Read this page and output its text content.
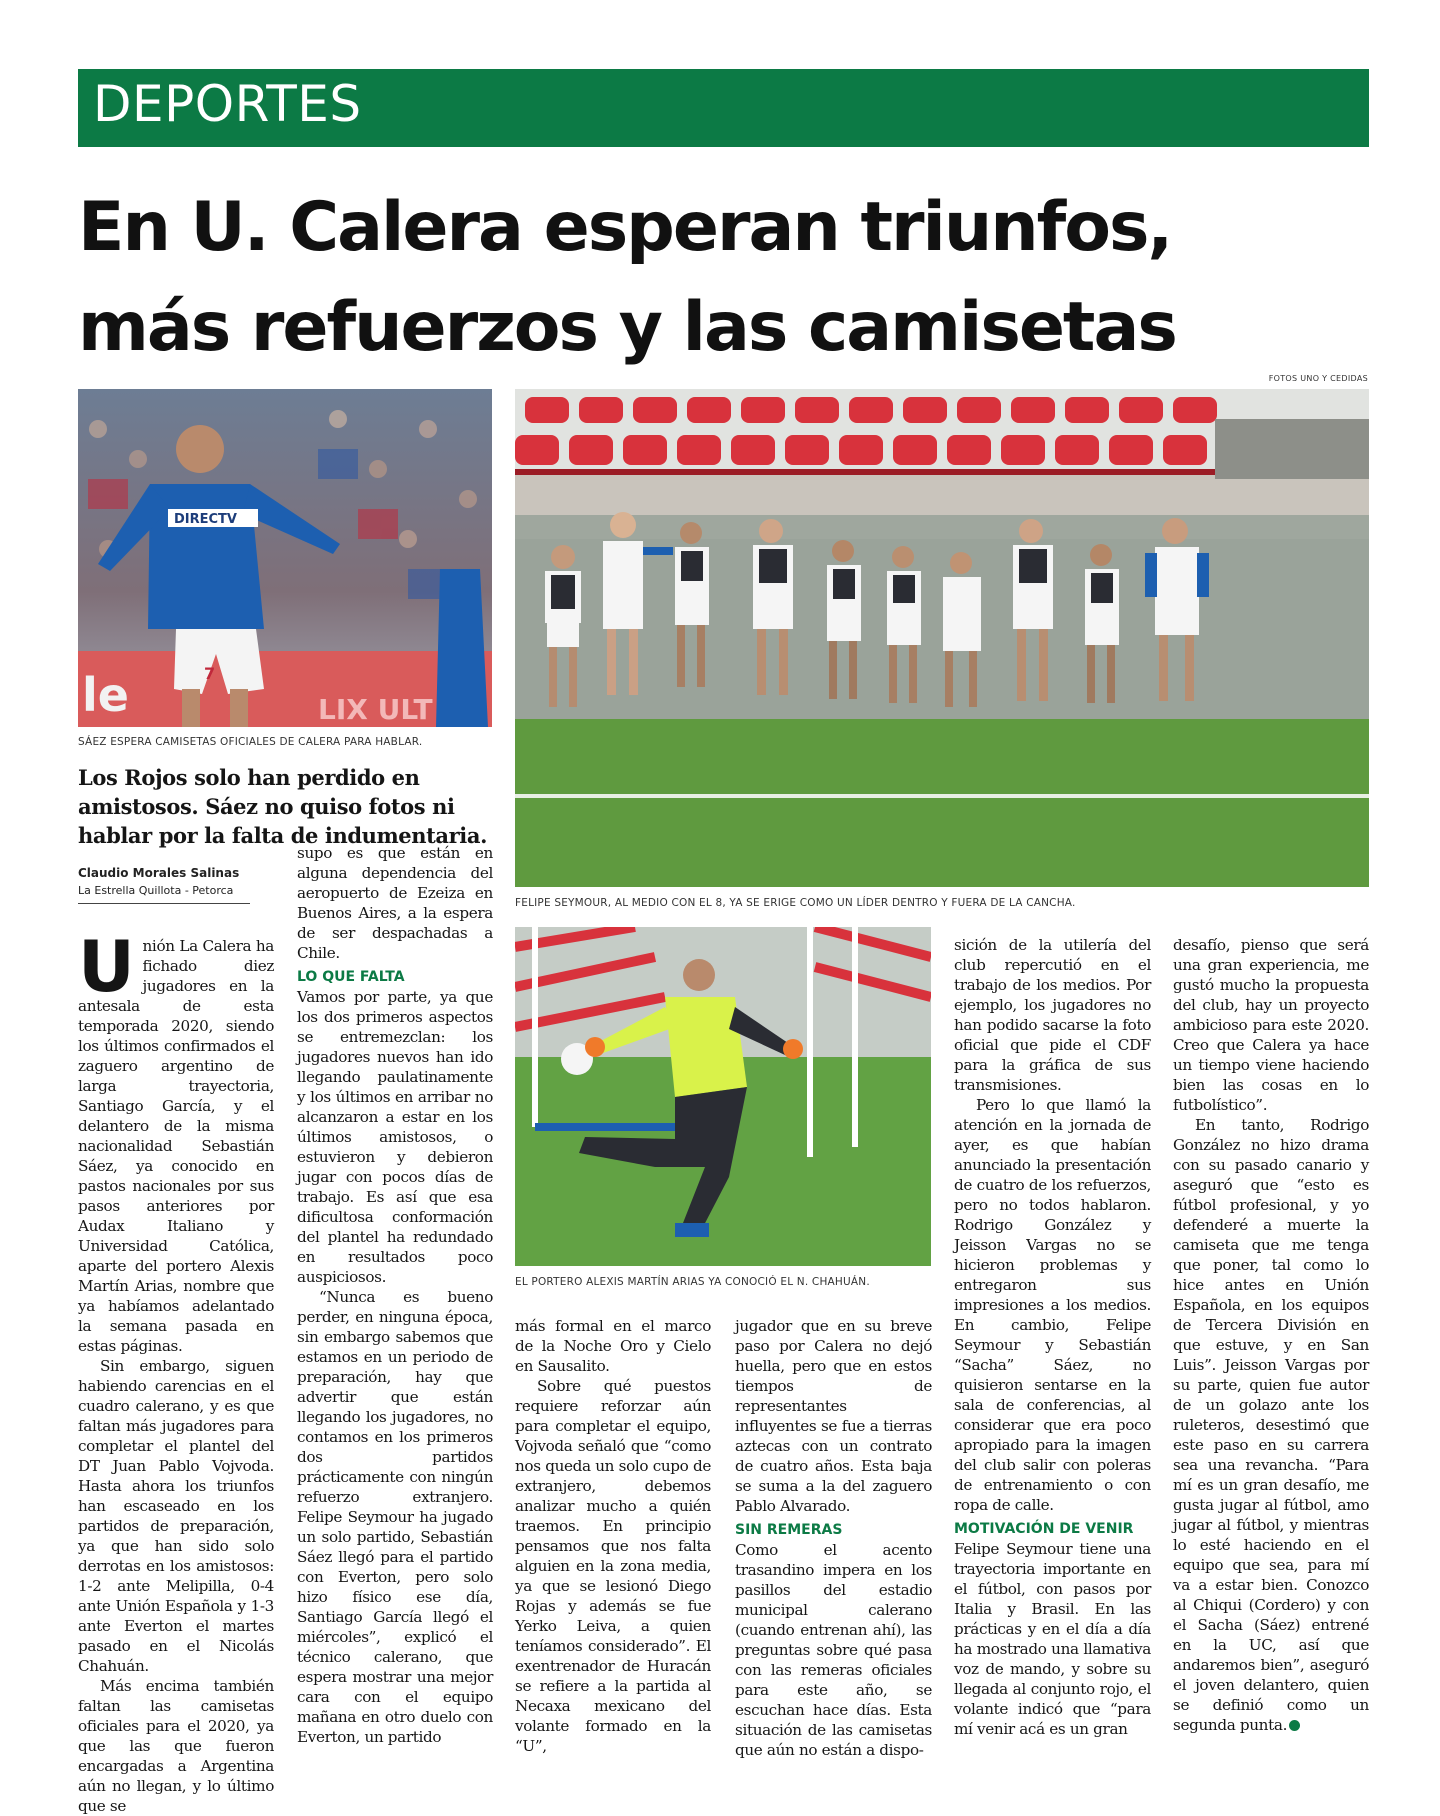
DEPORTES
En U. Calera esperan triunfos,
más refuerzos y las camisetas
FOTOS UNO Y CEDIDAS
le	LIX ULT
DIRECTV
7
SÁEZ ESPERA CAMISETAS OFICIALES DE CALERA PARA HABLAR.
FELIPE SEYMOUR, AL MEDIO CON EL 8, YA SE ERIGE COMO UN LÍDER DENTRO Y FUERA DE LA CANCHA.
EL PORTERO ALEXIS MARTÍN ARIAS YA CONOCIÓ EL N. CHAHUÁN.

Los Rojos solo han perdido en amistosos. Sáez no quiso fotos ni hablar por la falta de indumentaria.

Claudio Morales Salinas
La Estrella Quillota - Petorca

Unión La Calera ha fichado diez jugadores en la antesala de esta temporada 2020, siendo los últimos confirmados el zaguero argentino de larga trayectoria, Santiago García, y el delantero de la misma nacionalidad Sebastián Sáez, ya conocido en pastos nacionales por sus pasos anteriores por Audax Italiano y Universidad Católica, aparte del portero Alexis Martín Arias, nombre que ya habíamos adelantado la semana pasada en estas páginas.

Sin embargo, siguen habiendo carencias en el cuadro calerano, y es que faltan más jugadores para completar el plantel del DT Juan Pablo Vojvoda. Hasta ahora los triunfos han escaseado en los partidos de preparación, ya que han sido solo derrotas en los amistosos: 1-2 ante Melipilla, 0-4 ante Unión Española y 1-3 ante Everton el martes pasado en el Nicolás Chahuán.

Más encima también faltan las camisetas oficiales para el 2020, ya que las que fueron encargadas a Argentina aún no llegan, y lo último que se

supo es que están en alguna dependencia del aeropuerto de Ezeiza en Buenos Aires, a la espera de ser despachadas a Chile.

LO QUE FALTA

Vamos por parte, ya que los dos primeros aspectos se entremezclan: los jugadores nuevos han ido llegando paulatinamente y los últimos en arribar no alcanzaron a estar en los últimos amistosos, o estuvieron y debieron jugar con pocos días de trabajo. Es así que esa dificultosa conformación del plantel ha redundado en resultados poco auspiciosos.

“Nunca es bueno perder, en ninguna época, sin embargo sabemos que estamos en un periodo de preparación, hay que advertir que están llegando los jugadores, no contamos en los primeros dos partidos prácticamente con ningún refuerzo extranjero. Felipe Seymour ha jugado un solo partido, Sebastián Sáez llegó para el partido con Everton, pero solo hizo físico ese día, Santiago García llegó el miércoles”, explicó el técnico calerano, que espera mostrar una mejor cara con el equipo mañana en otro duelo con Everton, un partido

más formal en el marco de la Noche Oro y Cielo en Sausalito.

Sobre qué puestos requiere reforzar aún para completar el equipo, Vojvoda señaló que “como nos queda un solo cupo de extranjero, debemos analizar mucho a quién traemos. En principio pensamos que nos falta alguien en la zona media, ya que se lesionó Diego Rojas y además se fue Yerko Leiva, a quien teníamos considerado”. El exentrenador de Huracán se refiere a la partida al Necaxa mexicano del volante formado en la “U”,

jugador que en su breve paso por Calera no dejó huella, pero que en estos tiempos de representantes influyentes se fue a tierras aztecas con un contrato de cuatro años. Esta baja se suma a la del zaguero Pablo Alvarado.

SIN REMERAS

Como el acento trasandino impera en los pasillos del estadio municipal calerano (cuando entrenan ahí), las preguntas sobre qué pasa con las remeras oficiales para este año, se escuchan hace días. Esta situación de las camisetas que aún no están a dispo-

sición de la utilería del club repercutió en el trabajo de los medios. Por ejemplo, los jugadores no han podido sacarse la foto oficial que pide el CDF para la gráfica de sus transmisiones.

Pero lo que llamó la atención en la jornada de ayer, es que habían anunciado la presentación de cuatro de los refuerzos, pero no todos hablaron. Rodrigo González y Jeisson Vargas no se hicieron problemas y entregaron sus impresiones a los medios. En cambio, Felipe Seymour y Sebastián “Sacha” Sáez, no quisieron sentarse en la sala de conferencias, al considerar que era poco apropiado para la imagen del club salir con poleras de entrenamiento o con ropa de calle.

MOTIVACIÓN DE VENIR

Felipe Seymour tiene una trayectoria importante en el fútbol, con pasos por Italia y Brasil. En las prácticas y en el día a día ha mostrado una llamativa voz de mando, y sobre su llegada al conjunto rojo, el volante indicó que “para mí venir acá es un gran

desafío, pienso que será una gran experiencia, me gustó mucho la propuesta del club, hay un proyecto ambicioso para este 2020. Creo que Calera ya hace un tiempo viene haciendo bien las cosas en lo futbolístico”.

En tanto, Rodrigo González no hizo drama con su pasado canario y aseguró que “esto es fútbol profesional, y yo defenderé a muerte la camiseta que me tenga que poner, tal como lo hice antes en Unión Española, en los equipos de Tercera División en que estuve, y en San Luis”. Jeisson Vargas por su parte, quien fue autor de un golazo ante los ruleteros, desestimó que este paso en su carrera sea una revancha. “Para mí es un gran desafío, me gusta jugar al fútbol, amo jugar al fútbol, y mientras lo esté haciendo en el equipo que sea, para mí va a estar bien. Conozco al Chiqui (Cordero) y con el Sacha (Sáez) entrené en la UC, así que andaremos bien”, aseguró el joven delantero, quien se definió como un segunda punta.
